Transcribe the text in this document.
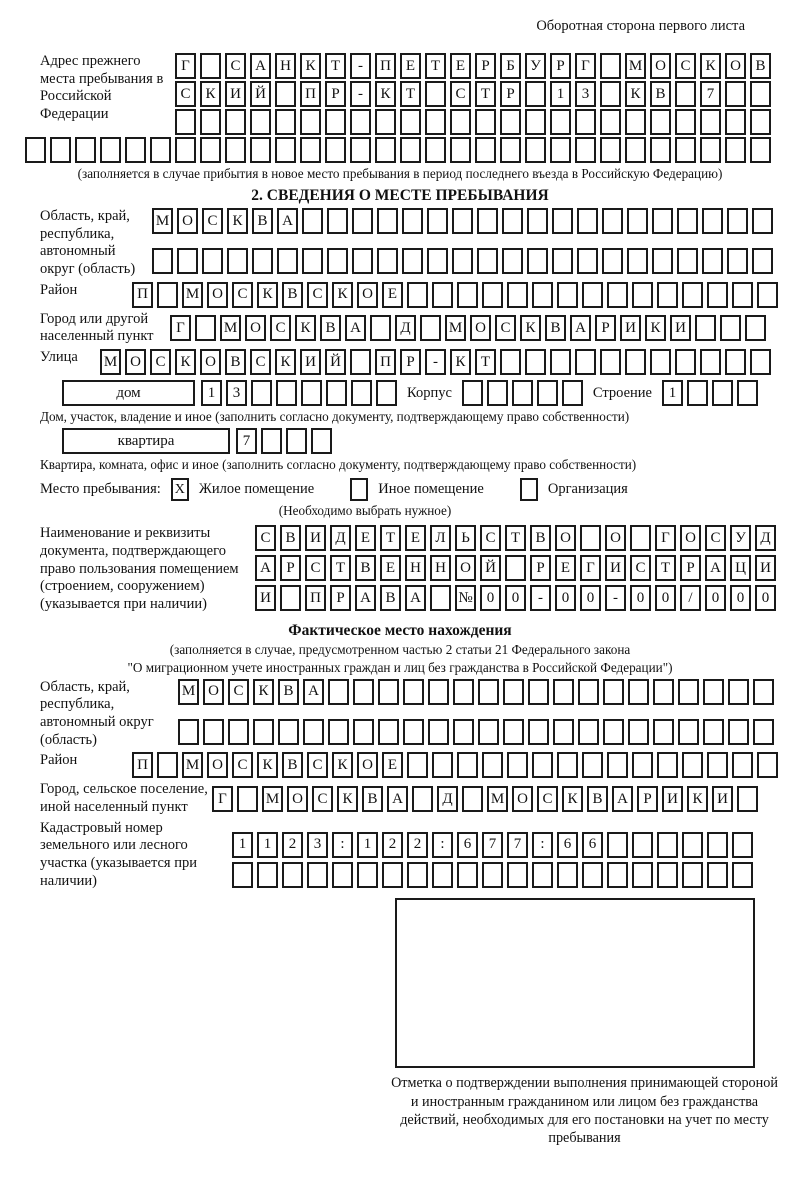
Оборотная сторона первого листа
Адрес прежнего места пребывания в Российской Федерации
Г	С А Н К	Т	-	П Е	Т	Е	Р	Б	У	Р	Г	М О С К О В
С К И Й	П	Р	-	К	Т	С	Т	Р	1	3	К В	7
(заполняется в случае прибытия в новое место пребывания в период последнего въезда в Российскую Федерацию)
2. СВЕДЕНИЯ О МЕСТЕ ПРЕБЫВАНИЯ
Область, край, республика, автономный округ (область)
М О С К В А
Район	П	М О С К В С К О Е
Город или другой населенный пункт
Г	М О С К В А	Д	М О С К В А	Р	И К И
Улица	М О С К О В С К И Й	П	Р	-	К	Т
дом	1	3	Корпус	Строение	1
Дом, участок, владение и иное (заполнить согласно документу, подтверждающему право собственности)
квартира	7
Квартира, комната, офис и иное (заполнить согласно документу, подтверждающему право собственности)
Место пребывания: X Жилое помещение	Иное помещение	Организация
(Необходимо выбрать нужное)
Наименование и реквизиты документа, подтверждающего право пользования помещением (строением, сооружением) (указывается при наличии)
С В И Д	Е	Т	Е	Л	Ь	С	Т	В О	О	Г	О С У Д
А	Р	С	Т	В	Е	Н Н О Й	Р	Е	Г	И С	Т	Р	А Ц И
И	П	Р	А В А	№ 0	0	-	0	0	-	0	0	/	0	0	0
Фактическое место нахождения
(заполняется в случае, предусмотренном частью 2 статьи 21 Федерального закона
"О миграционном учете иностранных граждан и лиц без гражданства в Российской Федерации")
Область, край, республика, автономный округ (область)
М О С К В А
Район	П	М О С К В С К О Е
Город, сельское поселение, иной населенный пункт
Г	М О С К В А	Д	М О С К В А	Р	И К И
Кадастровый номер земельного или лесного участка (указывается при наличии)
1	1	2	3	:	1	2	2	:	6	7	7	:	6	6
Отметка о подтверждении выполнения принимающей стороной и иностранным гражданином или лицом без гражданства действий, необходимых для его постановки на учет по месту пребывания
